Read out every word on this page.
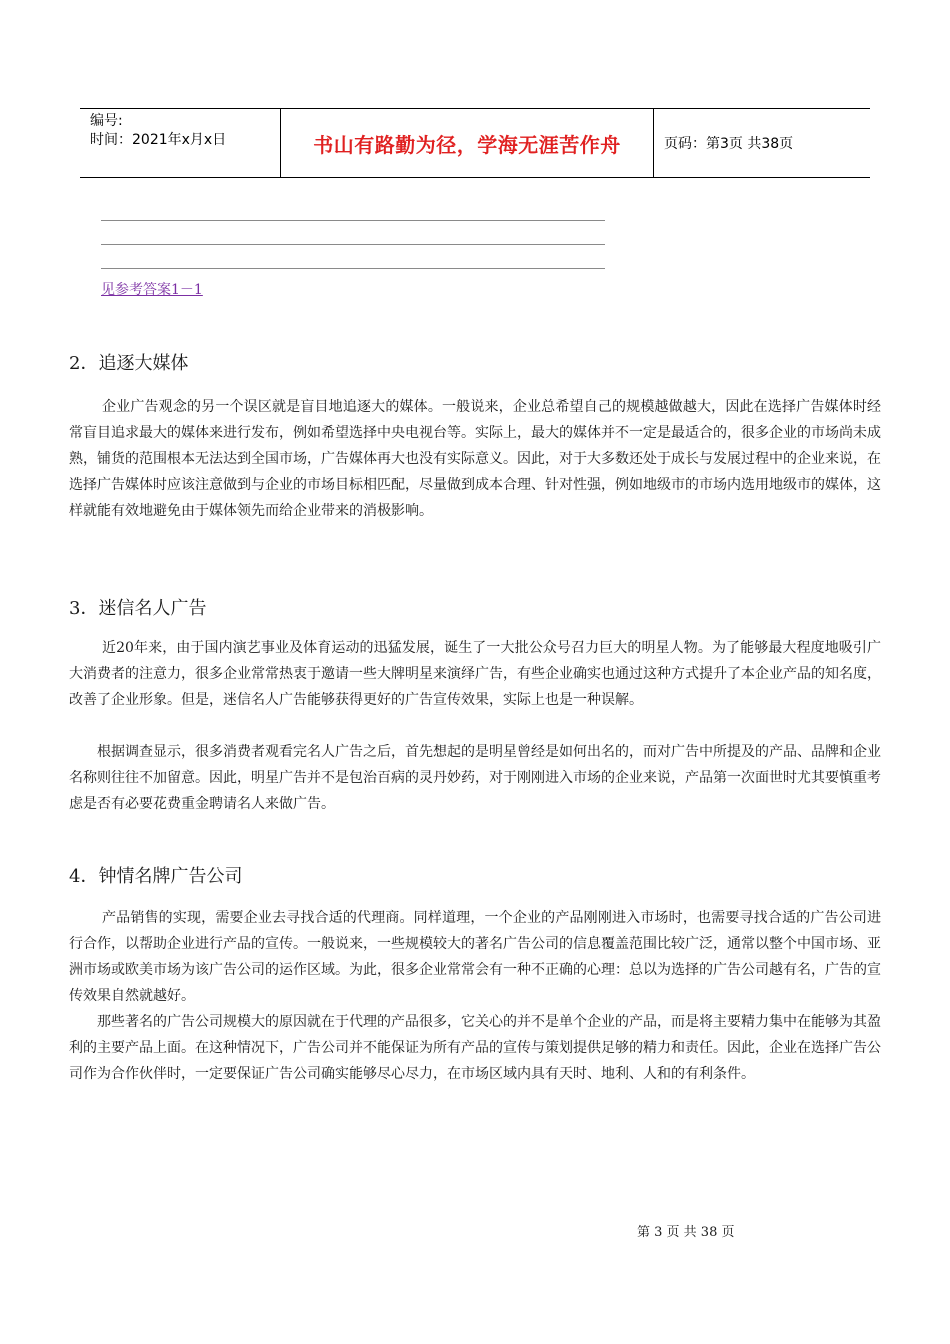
编号:
时间：2021年x月x日	书山有路勤为径，学海无涯苦作舟	页码：第3页 共38页
见参考答案1－1
2．追逐大媒体

企业广告观念的另一个误区就是盲目地追逐大的媒体。一般说来，企业总希望自己的规模越做越大，因此在选择广告媒体时经常盲目追求最大的媒体来进行发布，例如希望选择中央电视台等。实际上，最大的媒体并不一定是最适合的，很多企业的市场尚未成熟，铺货的范围根本无法达到全国市场，广告媒体再大也没有实际意义。因此，对于大多数还处于成长与发展过程中的企业来说，在选择广告媒体时应该注意做到与企业的市场目标相匹配，尽量做到成本合理、针对性强，例如地级市的市场内选用地级市的媒体，这样就能有效地避免由于媒体领先而给企业带来的消极影响。

3．迷信名人广告

近20年来，由于国内演艺事业及体育运动的迅猛发展，诞生了一大批公众号召力巨大的明星人物。为了能够最大程度地吸引广大消费者的注意力，很多企业常常热衷于邀请一些大牌明星来演绎广告，有些企业确实也通过这种方式提升了本企业产品的知名度，改善了企业形象。但是，迷信名人广告能够获得更好的广告宣传效果，实际上也是一种误解。

根据调查显示，很多消费者观看完名人广告之后，首先想起的是明星曾经是如何出名的，而对广告中所提及的产品、品牌和企业名称则往往不加留意。因此，明星广告并不是包治百病的灵丹妙药，对于刚刚进入市场的企业来说，产品第一次面世时尤其要慎重考虑是否有必要花费重金聘请名人来做广告。

4．钟情名牌广告公司

产品销售的实现，需要企业去寻找合适的代理商。同样道理，一个企业的产品刚刚进入市场时，也需要寻找合适的广告公司进行合作，以帮助企业进行产品的宣传。一般说来，一些规模较大的著名广告公司的信息覆盖范围比较广泛，通常以整个中国市场、亚洲市场或欧美市场为该广告公司的运作区域。为此，很多企业常常会有一种不正确的心理：总以为选择的广告公司越有名，广告的宣传效果自然就越好。

那些著名的广告公司规模大的原因就在于代理的产品很多，它关心的并不是单个企业的产品，而是将主要精力集中在能够为其盈利的主要产品上面。在这种情况下，广告公司并不能保证为所有产品的宣传与策划提供足够的精力和责任。因此，企业在选择广告公司作为合作伙伴时，一定要保证广告公司确实能够尽心尽力，在市场区域内具有天时、地利、人和的有利条件。

第 3 页 共 38 页
